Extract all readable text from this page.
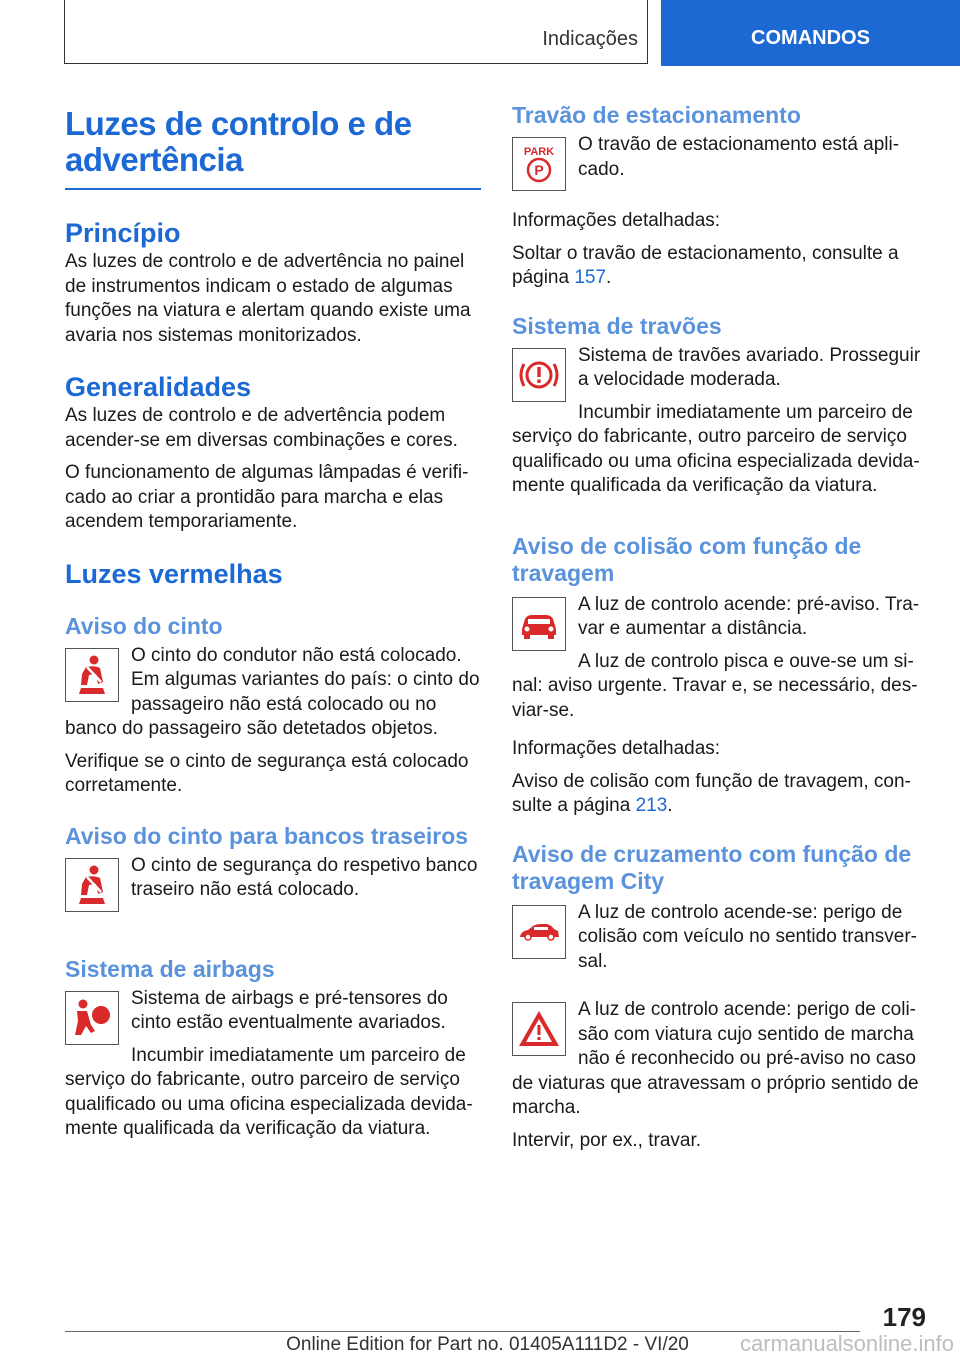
Indicações	COMANDOS
Luzes de controlo e de advertência
Princípio

As luzes de controlo e de advertência no painel de instrumentos indicam o estado de algumas funções na viatura e alertam quando existe uma avaria nos sistemas monitorizados.

Generalidades

As luzes de controlo e de advertência podem acender-se em diversas combinações e cores.

O funcionamento de algumas lâmpadas é verifi-cado ao criar a prontidão para marcha e elas acendem temporariamente.

Luzes vermelhas
Aviso do cinto

O cinto do condutor não está colocado. Em algumas variantes do país: o cinto do passageiro não está colocado ou no banco do passageiro são detetados objetos.

Verifique se o cinto de segurança está colocado corretamente.

Aviso do cinto para bancos traseiros

O cinto de segurança do respetivo banco traseiro não está colocado.

Sistema de airbags

Sistema de airbags e pré-tensores do cinto estão eventualmente avariados.

Incumbir imediatamente um parceiro de serviço do fabricante, outro parceiro de serviço qualificado ou uma oficina especializada devida-mente qualificada da verificação da viatura.

Travão de estacionamento
PARK
P

O travão de estacionamento está apli-cado.

Informações detalhadas:

Soltar o travão de estacionamento, consulte a página 157.

Sistema de travões

Sistema de travões avariado. Prosseguir a velocidade moderada.

Incumbir imediatamente um parceiro de serviço do fabricante, outro parceiro de serviço qualificado ou uma oficina especializada devida-mente qualificada da verificação da viatura.

Aviso de colisão com função de travagem

A luz de controlo acende: pré-aviso. Tra-var e aumentar a distância.

A luz de controlo pisca e ouve-se um si-nal: aviso urgente. Travar e, se necessário, des-viar-se.

Informações detalhadas:

Aviso de colisão com função de travagem, con-sulte a página 213.

Aviso de cruzamento com função de travagem City

A luz de controlo acende-se: perigo de colisão com veículo no sentido transver-sal.

A luz de controlo acende: perigo de coli-são com viatura cujo sentido de marcha não é reconhecido ou pré-aviso no caso de viaturas que atravessam o próprio sentido de marcha.

Intervir, por ex., travar.

179
Online Edition for Part no. 01405A111D2 - VI/20	carmanualsonline.info
